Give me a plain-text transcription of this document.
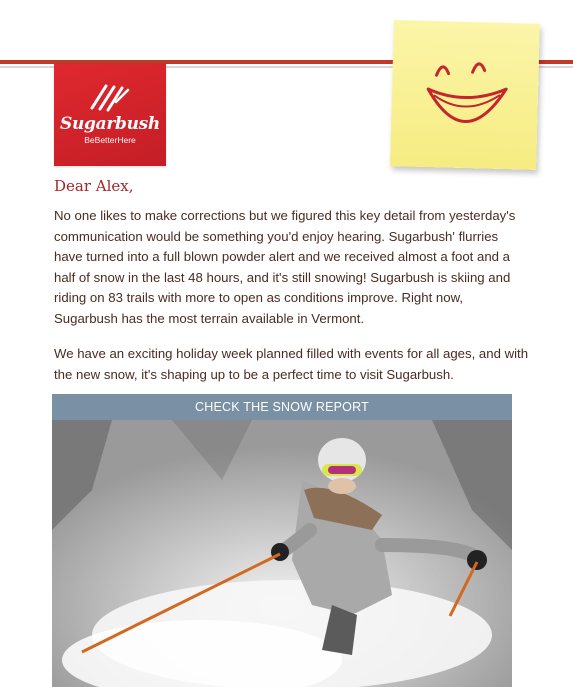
Sugarbush
BeBetterHere

Dear Alex,

No one likes to make corrections but we figured this key detail from yesterday's communication would be something you'd enjoy hearing. Sugarbush' flurries have turned into a full blown powder alert and we received almost a foot and a half of snow in the last 48 hours, and it's still snowing! Sugarbush is skiing and riding on 83 trails with more to open as conditions improve. Right now, Sugarbush has the most terrain available in Vermont.

We have an exciting holiday week planned filled with events for all ages, and with the new snow, it's shaping up to be a perfect time to visit Sugarbush.

CHECK THE SNOW REPORT
